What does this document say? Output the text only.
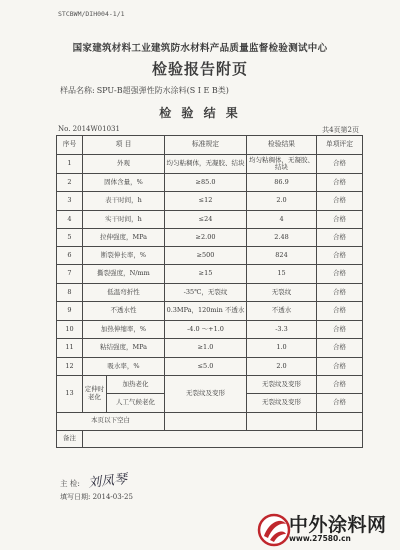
STCBWM/DIH004-1/1
国家建筑材料工业建筑防水材料产品质量监督检验测试中心
检验报告附页
样品名称: SPU-B超强弹性防水涂料(S Ⅰ E B类)
检 验 结 果
No. 2014W01031	共4页第2页
序号	项 目		标准规定	检验结果	单项评定
1	外观		均匀粘稠体，无凝胶、结块	均匀粘稠体，无凝胶、结块	合格
2	固体含量，%		≥85.0	86.9	合格
3	表干时间，h		≤12	2.0	合格
4	实干时间，h		≤24	4	合格
5	拉伸强度，MPa		≥2.00	2.48	合格
6	断裂伸长率，%		≥500	824	合格
7	撕裂强度，N/mm		≥15	15	合格
8	低温弯折性		-35℃，无裂纹	无裂纹	合格
9	不透水性		0.3MPa，120min 不透水	不透水	合格
10	加热伸缩率，%		-4.0 ～+1.0	-3.3	合格
11	粘结强度，MPa		≥1.0	1.0	合格
12	吸水率，%		≤5.0	2.0	合格
13	定伸时老化	加热老化	无裂纹及变形	无裂纹及变形	合格
		人工气候老化		无裂纹及变形	合格
本页以下空白					
备注					
主 检: 刘凤琴
填写日期: 2014-03-25
中外涂料网
www.27580.cn
